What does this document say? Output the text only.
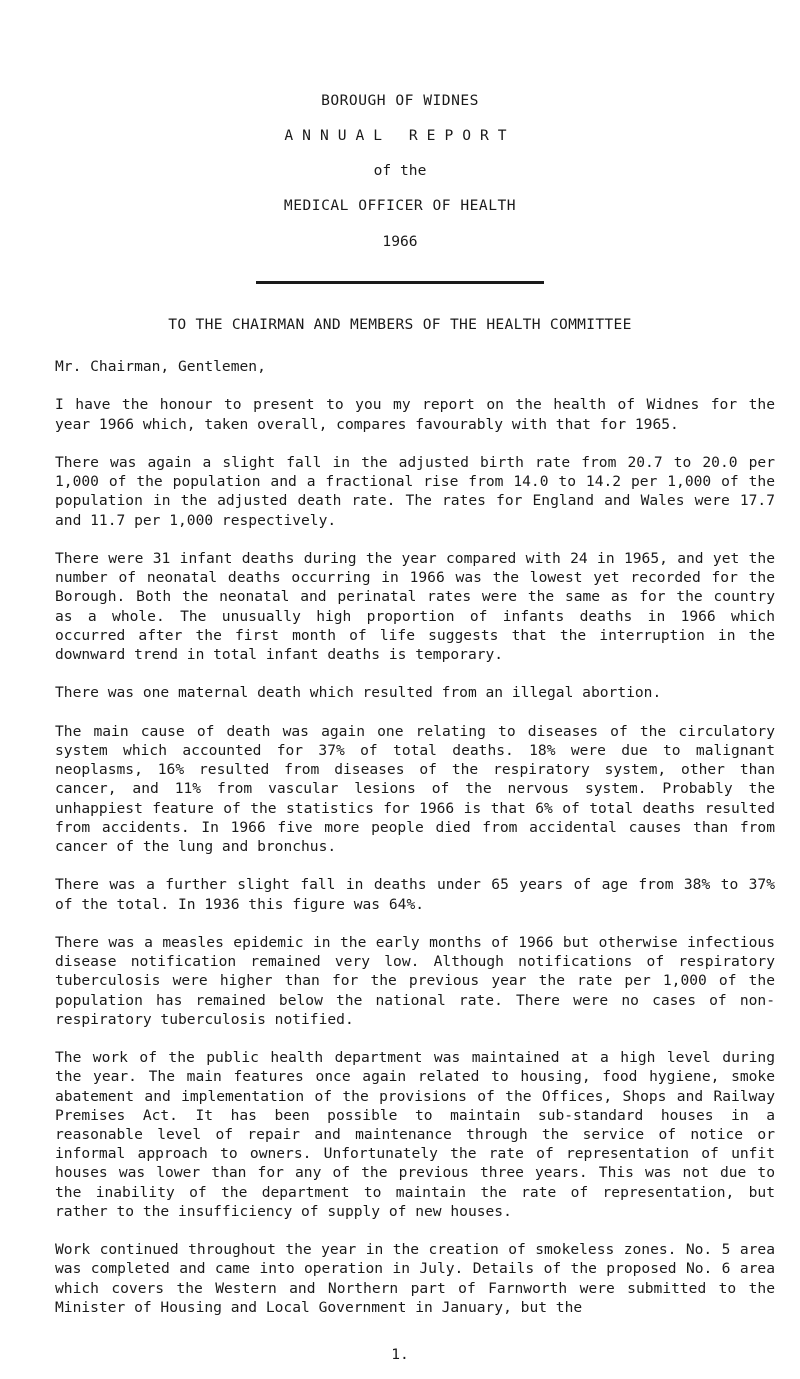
BOROUGH OF WIDNES
ANNUAL REPORT
of the
MEDICAL OFFICER OF HEALTH
1966
TO THE CHAIRMAN AND MEMBERS OF THE HEALTH COMMITTEE

Mr. Chairman, Gentlemen,

I have the honour to present to you my report on the health of Widnes for the year 1966 which, taken overall, compares favourably with that for 1965.

There was again a slight fall in the adjusted birth rate from 20.7 to 20.0 per 1,000 of the population and a fractional rise from 14.0 to 14.2 per 1,000 of the population in the adjusted death rate. The rates for England and Wales were 17.7 and 11.7 per 1,000 respectively.

There were 31 infant deaths during the year compared with 24 in 1965, and yet the number of neonatal deaths occurring in 1966 was the lowest yet recorded for the Borough. Both the neonatal and perinatal rates were the same as for the country as a whole. The unusually high proportion of infants deaths in 1966 which occurred after the first month of life suggests that the interruption in the downward trend in total infant deaths is temporary.

There was one maternal death which resulted from an illegal abortion.

The main cause of death was again one relating to diseases of the circulatory system which accounted for 37% of total deaths. 18% were due to malignant neoplasms, 16% resulted from diseases of the respiratory system, other than cancer, and 11% from vascular lesions of the nervous system. Probably the unhappiest feature of the statistics for 1966 is that 6% of total deaths resulted from accidents. In 1966 five more people died from accidental causes than from cancer of the lung and bronchus.

There was a further slight fall in deaths under 65 years of age from 38% to 37% of the total. In 1936 this figure was 64%.

There was a measles epidemic in the early months of 1966 but otherwise infectious disease notification remained very low. Although notifications of respiratory tuberculosis were higher than for the previous year the rate per 1,000 of the population has remained below the national rate. There were no cases of non-respiratory tuberculosis notified.

The work of the public health department was maintained at a high level during the year. The main features once again related to housing, food hygiene, smoke abatement and implementation of the provisions of the Offices, Shops and Railway Premises Act. It has been possible to maintain sub-standard houses in a reasonable level of repair and maintenance through the service of notice or informal approach to owners. Unfortunately the rate of representation of unfit houses was lower than for any of the previous three years. This was not due to the inability of the department to maintain the rate of representation, but rather to the insufficiency of supply of new houses.

Work continued throughout the year in the creation of smokeless zones. No. 5 area was completed and came into operation in July. Details of the proposed No. 6 area which covers the Western and Northern part of Farnworth were submitted to the Minister of Housing and Local Government in January, but the

1.
